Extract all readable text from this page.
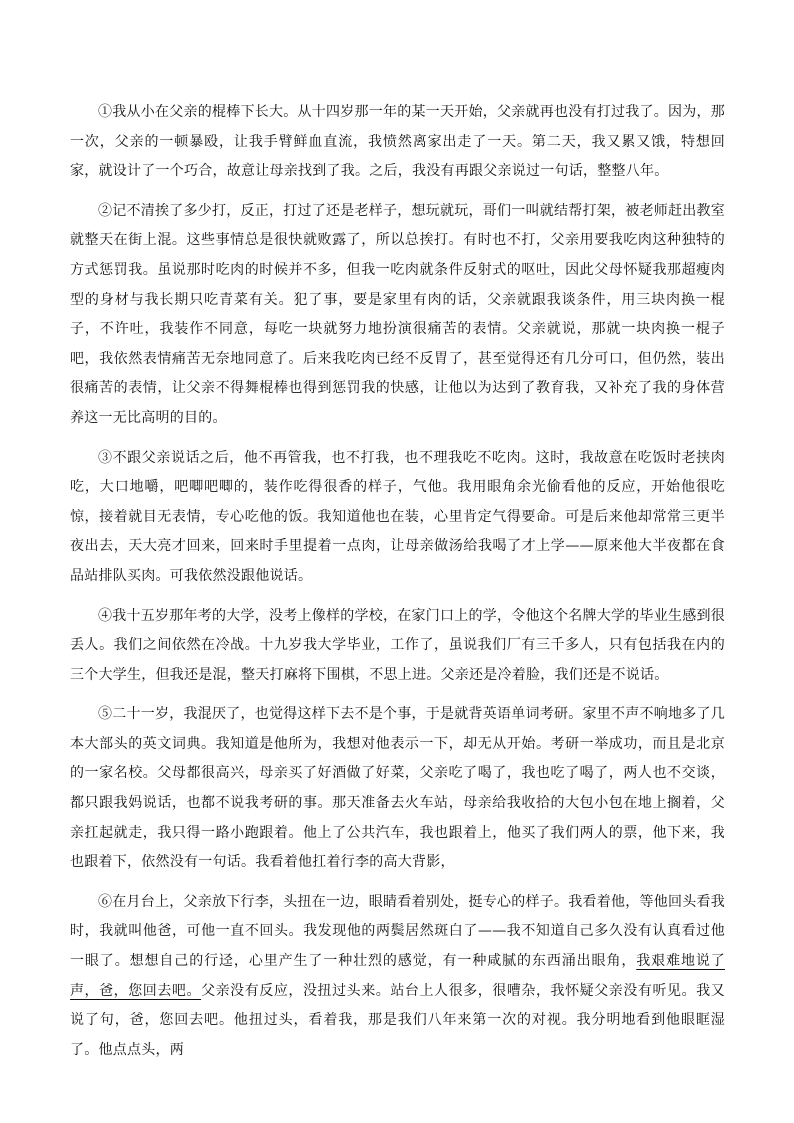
①我从小在父亲的棍棒下长大。从十四岁那一年的某一天开始，父亲就再也没有打过我了。因为，那一次，父亲的一顿暴殴，让我手臂鲜血直流，我愤然离家出走了一天。第二天，我又累又饿，特想回家，就设计了一个巧合，故意让母亲找到了我。之后，我没有再跟父亲说过一句话，整整八年。

②记不清挨了多少打，反正，打过了还是老样子，想玩就玩，哥们一叫就结帮打架，被老师赶出教室就整天在街上混。这些事情总是很快就败露了，所以总挨打。有时也不打，父亲用要我吃肉这种独特的方式惩罚我。虽说那时吃肉的时候并不多，但我一吃肉就条件反射式的呕吐，因此父母怀疑我那超瘦肉型的身材与我长期只吃青菜有关。犯了事，要是家里有肉的话，父亲就跟我谈条件，用三块肉换一棍子，不许吐，我装作不同意，每吃一块就努力地扮演很痛苦的表情。父亲就说，那就一块肉换一棍子吧，我依然表情痛苦无奈地同意了。后来我吃肉已经不反胃了，甚至觉得还有几分可口，但仍然，装出很痛苦的表情，让父亲不得舞棍棒也得到惩罚我的快感，让他以为达到了教育我，又补充了我的身体营养这一无比高明的目的。

③不跟父亲说话之后，他不再管我，也不打我，也不理我吃不吃肉。这时，我故意在吃饭时老挟肉吃，大口地嚼，吧唧吧唧的，装作吃得很香的样子，气他。我用眼角余光偷看他的反应，开始他很吃惊，接着就目无表情，专心吃他的饭。我知道他也在装，心里肯定气得要命。可是后来他却常常三更半夜出去，天大亮才回来，回来时手里提着一点肉，让母亲做汤给我喝了才上学——原来他大半夜都在食品站排队买肉。可我依然没跟他说话。

④我十五岁那年考的大学，没考上像样的学校，在家门口上的学，令他这个名牌大学的毕业生感到很丢人。我们之间依然在冷战。十九岁我大学毕业，工作了，虽说我们厂有三千多人，只有包括我在内的三个大学生，但我还是混，整天打麻将下围棋，不思上进。父亲还是冷着脸，我们还是不说话。

⑤二十一岁，我混厌了，也觉得这样下去不是个事，于是就背英语单词考研。家里不声不响地多了几本大部头的英文词典。我知道是他所为，我想对他表示一下，却无从开始。考研一举成功，而且是北京的一家名校。父母都很高兴，母亲买了好酒做了好菜，父亲吃了喝了，我也吃了喝了，两人也不交谈，都只跟我妈说话，也都不说我考研的事。那天准备去火车站，母亲给我收拾的大包小包在地上搁着，父亲扛起就走，我只得一路小跑跟着。他上了公共汽车，我也跟着上，他买了我们两人的票，他下来，我也跟着下，依然没有一句话。我看着他扛着行李的高大背影，

⑥在月台上，父亲放下行李，头扭在一边，眼睛看着别处，挺专心的样子。我看着他，等他回头看我时，我就叫他爸，可他一直不回头。我发现他的两鬓居然斑白了——我不知道自己多久没有认真看过他一眼了。想想自己的行迳，心里产生了一种壮烈的感觉，有一种咸腻的东西涌出眼角，我艰难地说了声，爸，您回去吧。父亲没有反应，没扭过头来。站台上人很多，很嘈杂，我怀疑父亲没有听见。我又说了句，爸，您回去吧。他扭过头，看着我，那是我们八年来第一次的对视。我分明地看到他眼眶湿了。他点点头，两
